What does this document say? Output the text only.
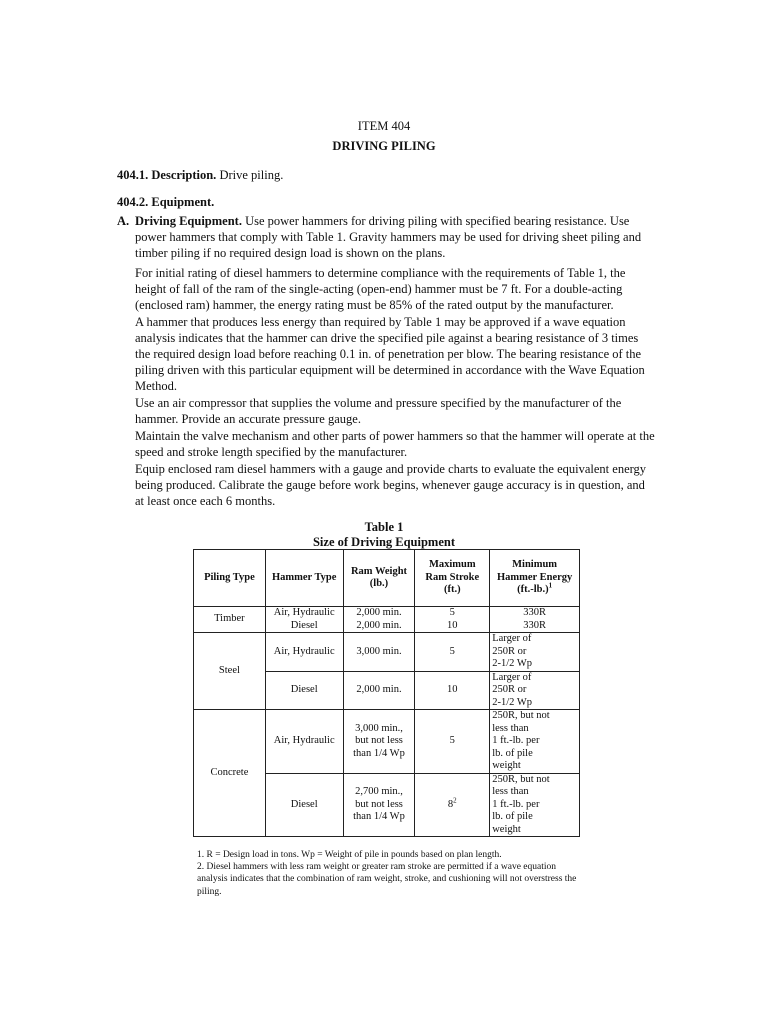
ITEM 404
DRIVING PILING
404.1. Description. Drive piling.
404.2. Equipment.
A. Driving Equipment. Use power hammers for driving piling with specified bearing resistance. Use power hammers that comply with Table 1. Gravity hammers may be used for driving sheet piling and timber piling if no required design load is shown on the plans.
For initial rating of diesel hammers to determine compliance with the requirements of Table 1, the height of fall of the ram of the single-acting (open-end) hammer must be 7 ft. For a double-acting (enclosed ram) hammer, the energy rating must be 85% of the rated output by the manufacturer.
A hammer that produces less energy than required by Table 1 may be approved if a wave equation analysis indicates that the hammer can drive the specified pile against a bearing resistance of 3 times the required design load before reaching 0.1 in. of penetration per blow. The bearing resistance of the piling driven with this particular equipment will be determined in accordance with the Wave Equation Method.
Use an air compressor that supplies the volume and pressure specified by the manufacturer of the hammer. Provide an accurate pressure gauge.
Maintain the valve mechanism and other parts of power hammers so that the hammer will operate at the speed and stroke length specified by the manufacturer.
Equip enclosed ram diesel hammers with a gauge and provide charts to evaluate the equivalent energy being produced. Calibrate the gauge before work begins, whenever gauge accuracy is in question, and at least once each 6 months.
Table 1
Size of Driving Equipment
Piling Type	Hammer Type	Ram Weight (lb.)	Maximum Ram Stroke (ft.)	Minimum Hammer Energy $(ft.-lb.)^1$
Timber	Air, Hydraulic	2,000 min.	5	330R
	Diesel	2,000 min.	10	330R
Steel	Air, Hydraulic	3,000 min.	5	Larger of
250R or
2-1/2 Wp
	Diesel	2,000 min.	10	Larger of
250R or
2-1/2 Wp
Concrete	Air, Hydraulic	3,000 min.,
but not less
than 1/4 Wp	5	250R, but not
less than
1 ft.-lb. per
lb. of pile
weight
	Diesel	2,700 min.,
but not less
than 1/4 Wp	$8^2$	250R, but not
less than
1 ft.-lb. per
lb. of pile
weight
1. R = Design load in tons. Wp = Weight of pile in pounds based on plan length.
2. Diesel hammers with less ram weight or greater ram stroke are permitted if a wave equation analysis indicates that the combination of ram weight, stroke, and cushioning will not overstress the piling.
